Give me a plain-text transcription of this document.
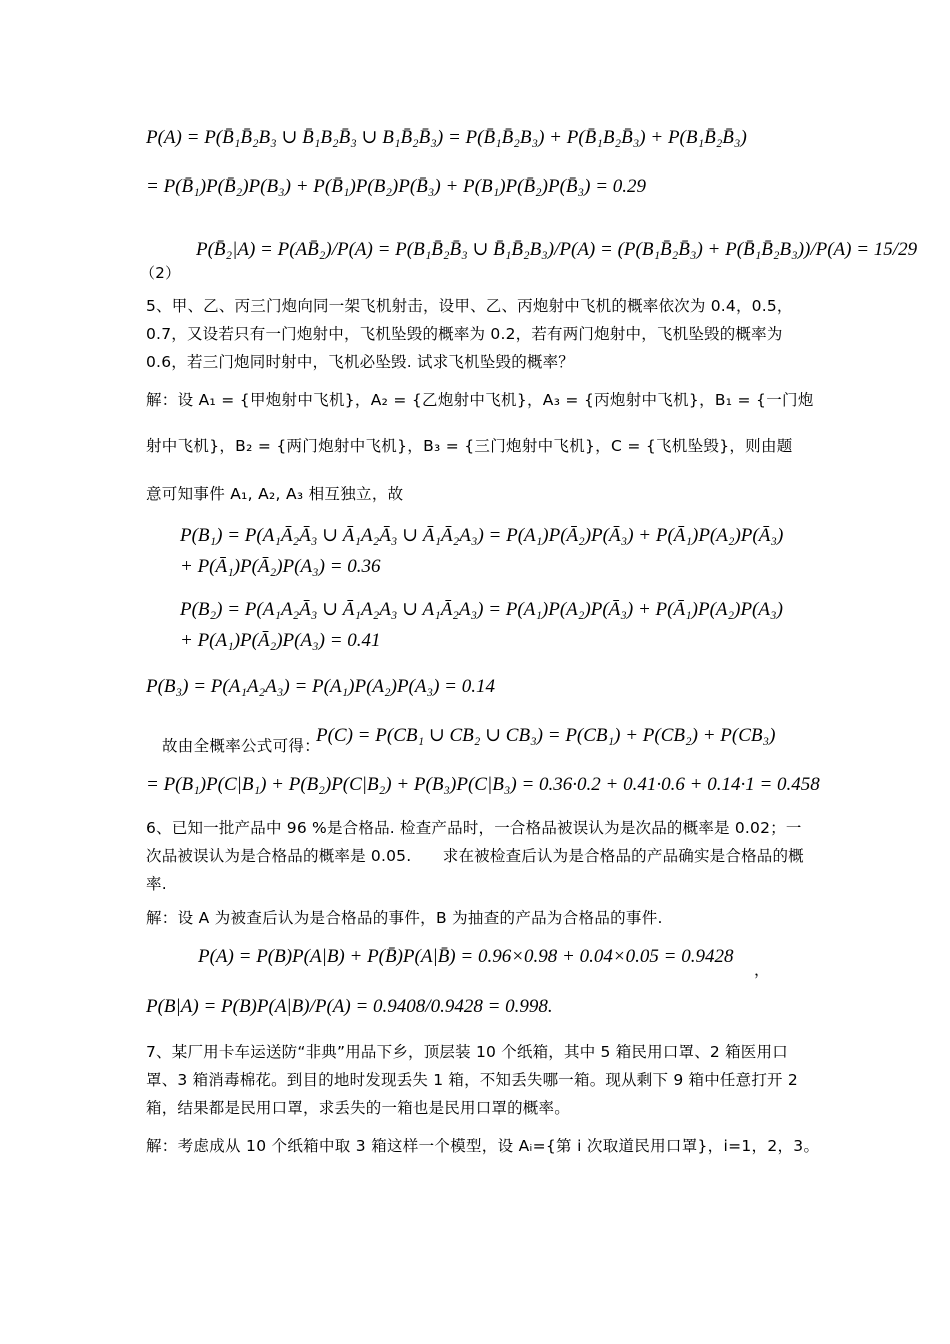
P(A) = P(B̄₁B̄₂B₃ ∪ B̄₁B₂B̄₃ ∪ B₁B̄₂B̄₃) = P(B̄₁B̄₂B₃) + P(B̄₁B₂B̄₃) + P(B₁B̄₂B̄₃)
= P(B̄₁)P(B̄₂)P(B₃) + P(B̄₁)P(B₂)P(B̄₃) + P(B₁)P(B̄₂)P(B̄₃) = 0.29
（2）
P(B̄₂|A) = P(AB̄₂)/P(A) = P(B₁B̄₂B̄₃ ∪ B̄₁B̄₂B₃)/P(A) = (P(B₁B̄₂B̄₃) + P(B̄₁B̄₂B₃))/P(A) = 15/29
5、甲、乙、丙三门炮向同一架飞机射击，设甲、乙、丙炮射中飞机的概率依次为 0.4，0.5，0.7，又设若只有一门炮射中，飞机坠毁的概率为 0.2，若有两门炮射中，飞机坠毁的概率为 0.6，若三门炮同时射中，飞机必坠毁. 试求飞机坠毁的概率？
解：设 A₁ = {甲炮射中飞机}，A₂ = {乙炮射中飞机}，A₃ = {丙炮射中飞机}，B₁ = {一门炮
射中飞机}，B₂ = {两门炮射中飞机}，B₃ = {三门炮射中飞机}，C = {飞机坠毁}，则由题
意可知事件 A₁, A₂, A₃ 相互独立，故
P(B₁) = P(A₁Ā₂Ā₃ ∪ Ā₁A₂Ā₃ ∪ Ā₁Ā₂A₃) = P(A₁)P(Ā₂)P(Ā₃) + P(Ā₁)P(A₂)P(Ā₃)
+ P(Ā₁)P(Ā₂)P(A₃) = 0.36
P(B₂) = P(A₁A₂Ā₃ ∪ Ā₁A₂A₃ ∪ A₁Ā₂A₃) = P(A₁)P(A₂)P(Ā₃) + P(Ā₁)P(A₂)P(A₃)
+ P(A₁)P(Ā₂)P(A₃) = 0.41
P(B₃) = P(A₁A₂A₃) = P(A₁)P(A₂)P(A₃) = 0.14
故由全概率公式可得：
P(C) = P(CB₁ ∪ CB₂ ∪ CB₃) = P(CB₁) + P(CB₂) + P(CB₃)
= P(B₁)P(C|B₁) + P(B₂)P(C|B₂) + P(B₃)P(C|B₃) = 0.36·0.2 + 0.41·0.6 + 0.14·1 = 0.458
6、已知一批产品中 96 %是合格品. 检查产品时，一合格品被误认为是次品的概率是 0.02；一次品被误认为是合格品的概率是 0.05.　　求在被检查后认为是合格品的产品确实是合格品的概率.
解：设 A 为被查后认为是合格品的事件，B 为抽查的产品为合格品的事件.
P(A) = P(B)P(A|B) + P(B̄)P(A|B̄) = 0.96×0.98 + 0.04×0.05 = 0.9428
，
P(B|A) = P(B)P(A|B)/P(A) = 0.9408/0.9428 = 0.998.
7、某厂用卡车运送防“非典”用品下乡，顶层装 10 个纸箱，其中 5 箱民用口罩、2 箱医用口罩、3 箱消毒棉花。到目的地时发现丢失 1 箱，不知丢失哪一箱。现从剩下 9 箱中任意打开 2 箱，结果都是民用口罩，求丢失的一箱也是民用口罩的概率。
解：考虑成从 10 个纸箱中取 3 箱这样一个模型，设 Aᵢ={第 i 次取道民用口罩}，i=1，2，3。
